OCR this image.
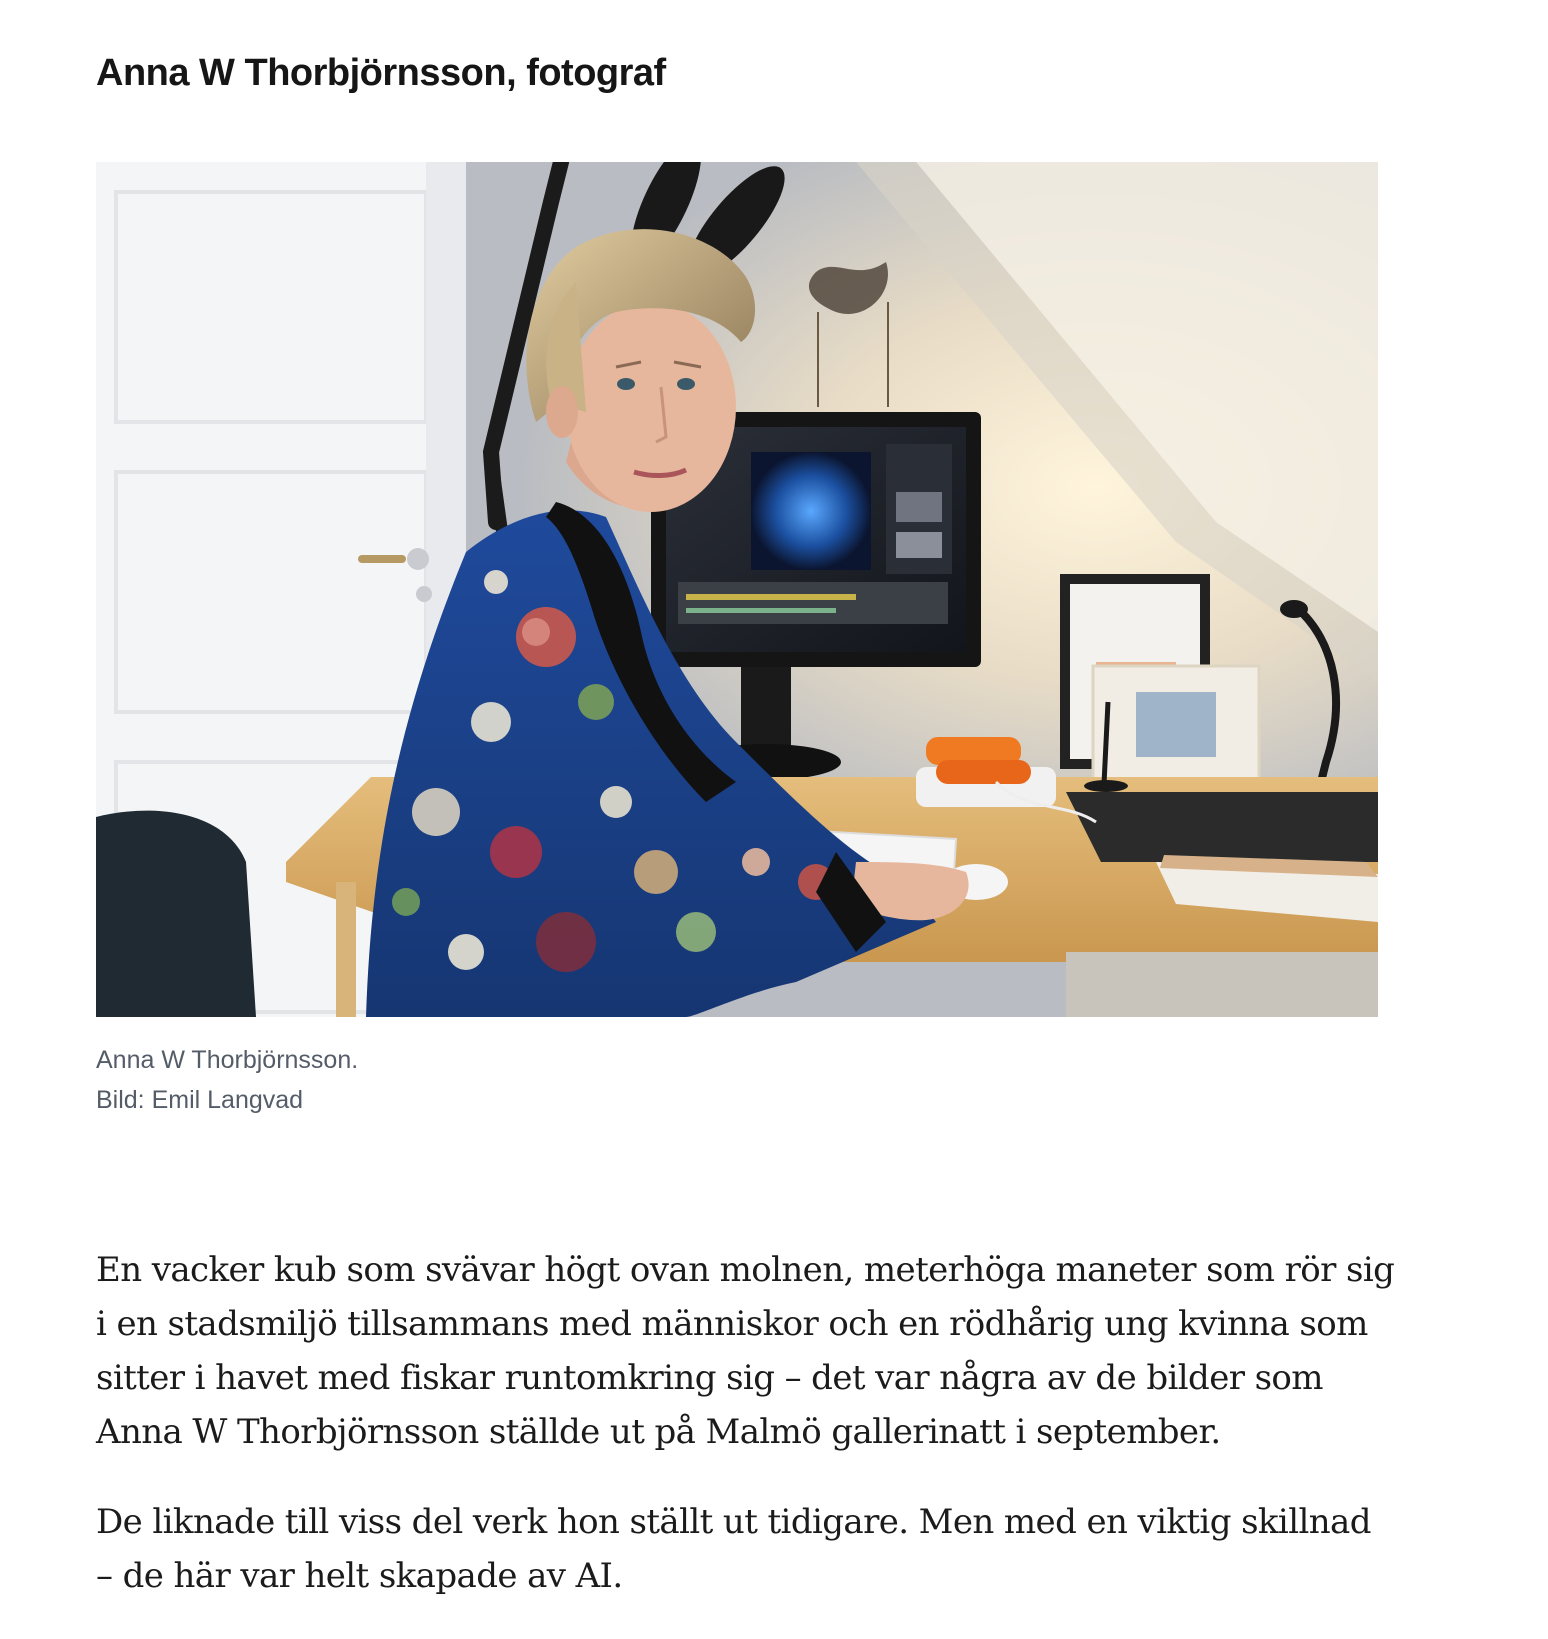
Anna W Thorbjörnsson, fotograf
Anna W Thorbjörnsson.
Bild: Emil Langvad

En vacker kub som svävar högt ovan molnen, meterhöga maneter som rör sig i en stadsmiljö tillsammans med människor och en rödhårig ung kvinna som sitter i havet med fiskar runtomkring sig – det var några av de bilder som Anna W Thorbjörnsson ställde ut på Malmö gallerinatt i september.

De liknade till viss del verk hon ställt ut tidigare. Men med en viktig skillnad – de här var helt skapade av AI.
